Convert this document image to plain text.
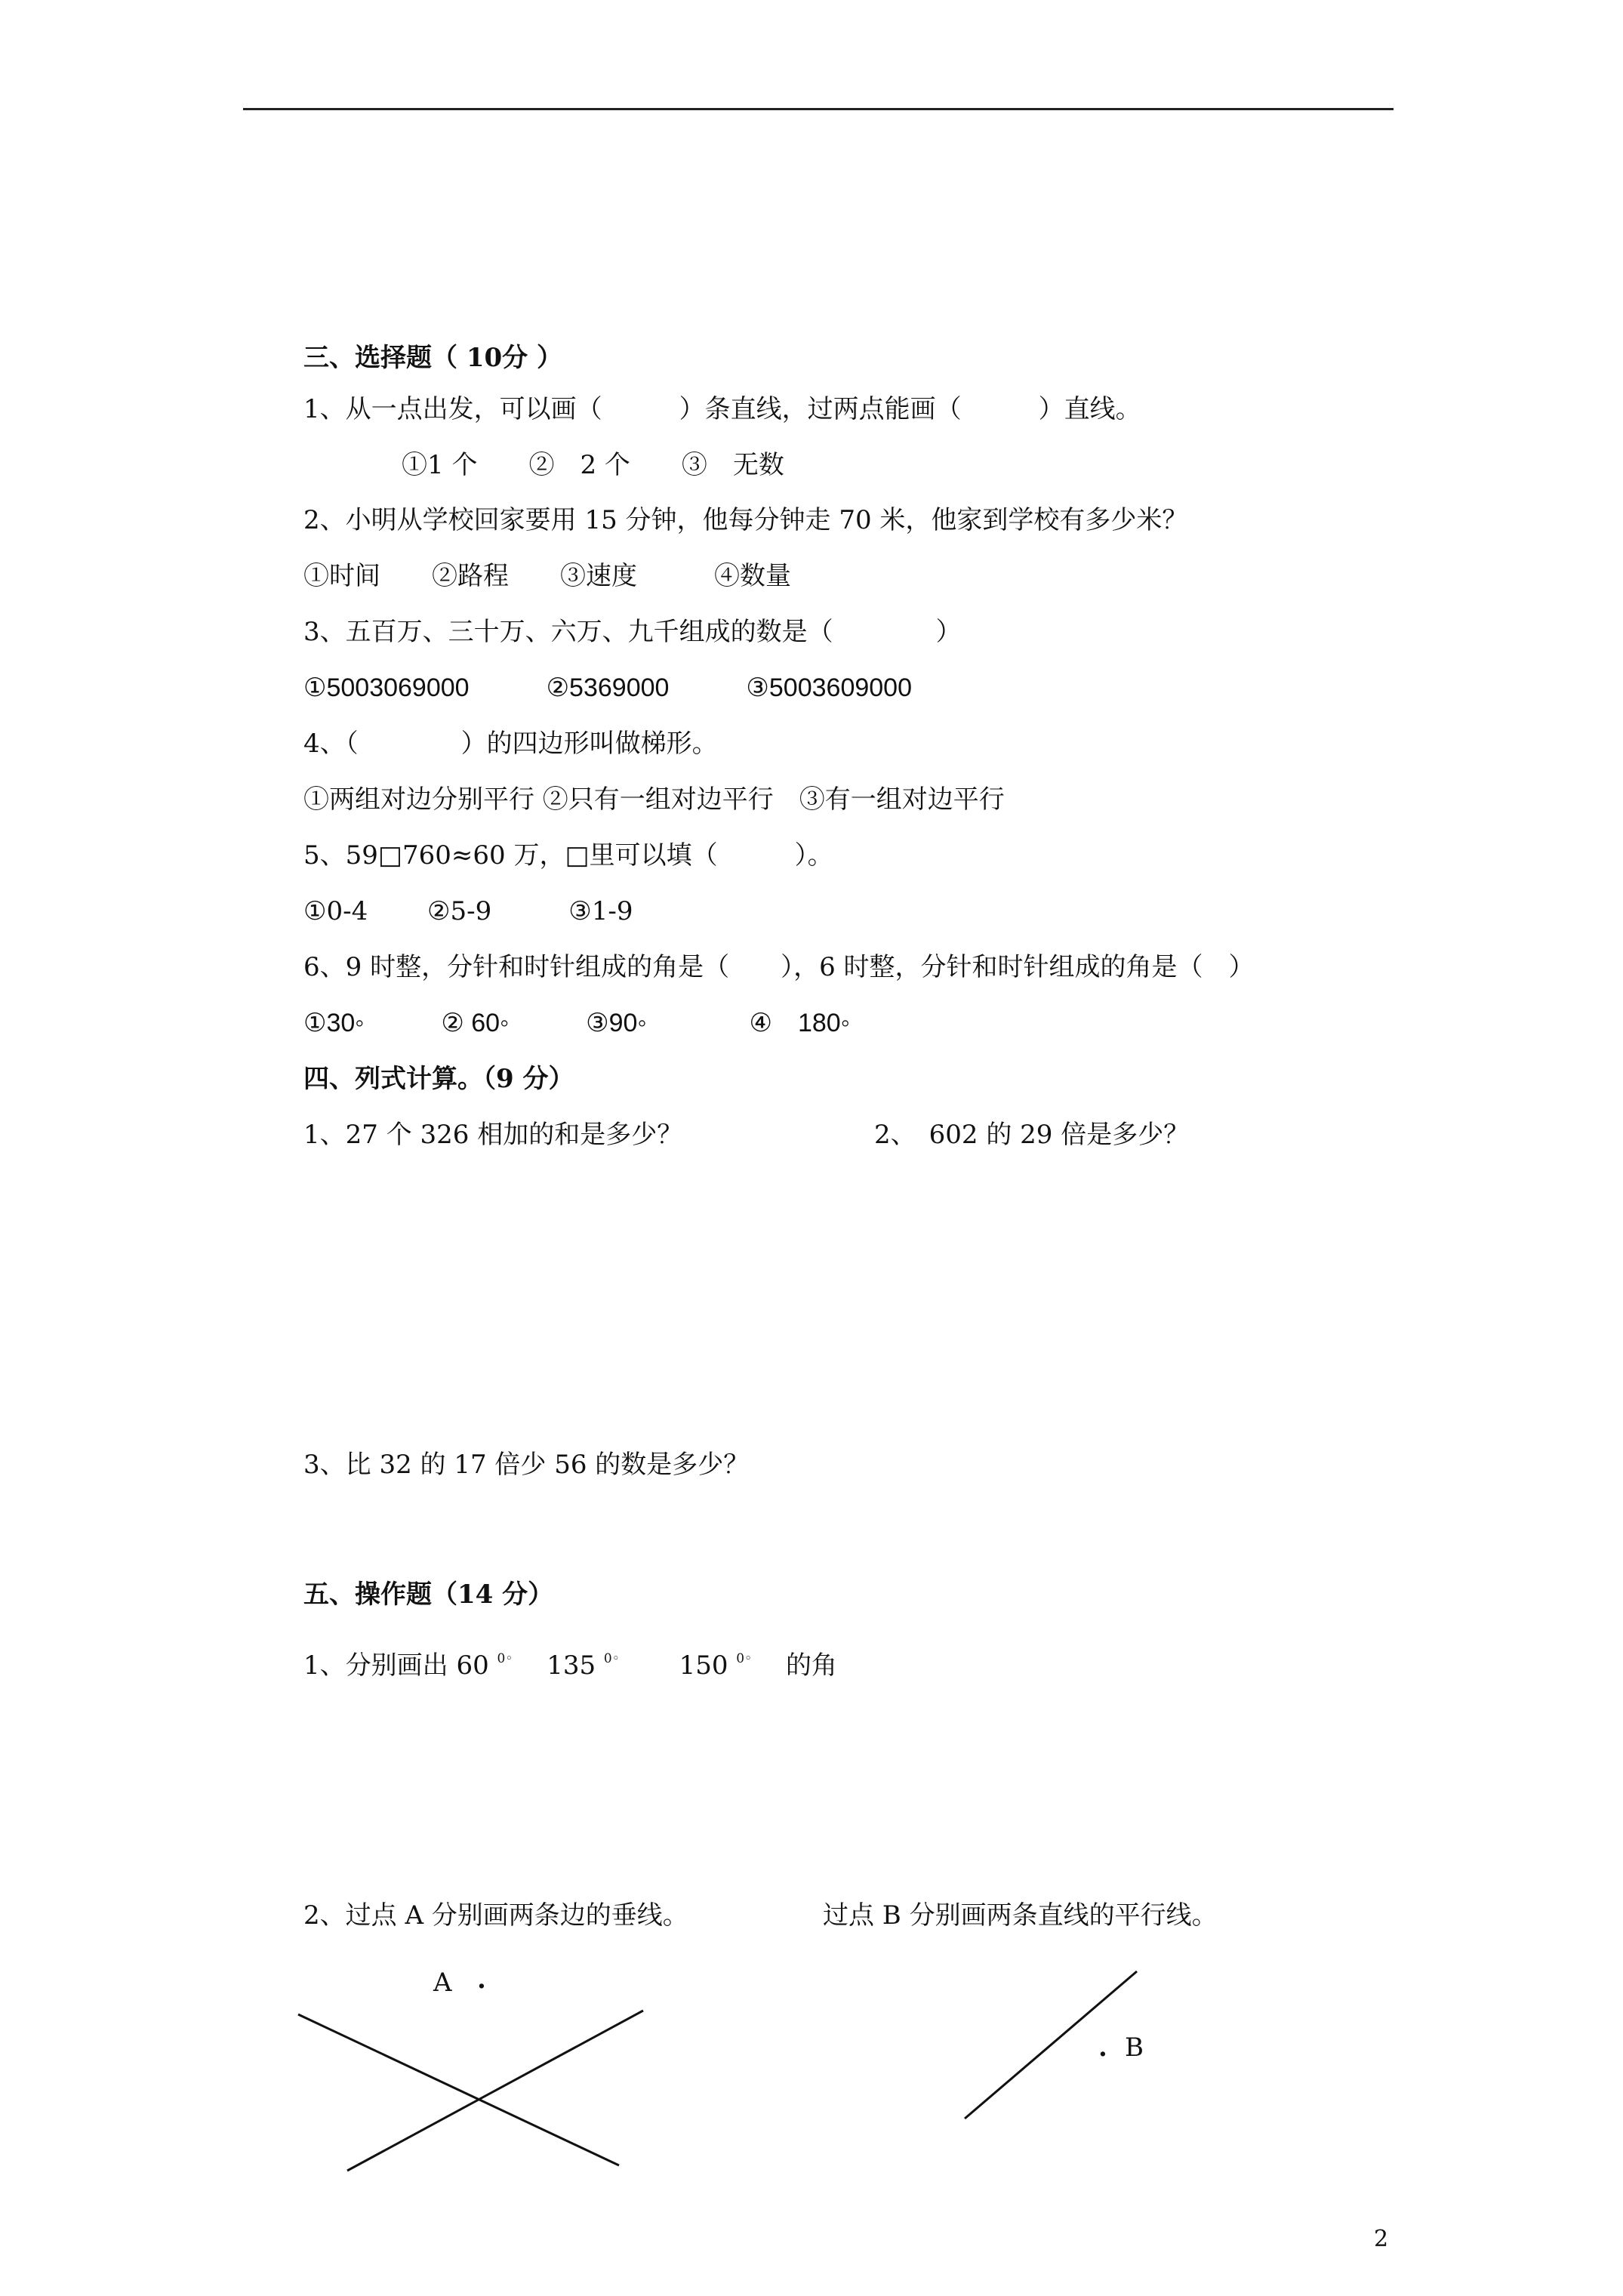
三、选择题（ 10分 ）
1、从一点出发，可以画（　　　）条直线，过两点能画（　　　）直线。
①1 个　　②　2 个　　③　无数
2、小明从学校回家要用 15 分钟，他每分钟走 70 米，他家到学校有多少米？
①时间　　②路程　　③速度　　　④数量
3、五百万、三十万、六万、九千组成的数是（　　　　）
①5003069000　　　②5369000　　　③5003609000
4、（　　　　）的四边形叫做梯形。
①两组对边分别平行 ②只有一组对边平行　③有一组对边平行
5、59□760≈60 万，□里可以填（　　　）。
①0-4　　 ②5-9　　　③1-9
6、9 时整，分针和时针组成的角是（　　），6 时整，分针和时针组成的角是（　）
①30◦　　　② 60◦　　　③90◦　　　　④　180◦
四、列式计算。（9 分）
1、27 个 326 相加的和是多少？	2、　602 的 29 倍是多少？
3、比 32 的 17 倍少 56 的数是多少？
五、操作题（14 分）
1、分别画出 60 $^{0◦}$　 135 $^{0◦}$　　 150 $^{0◦}$　 的角
2、过点 A 分别画两条边的垂线。	过点 B 分别画两条直线的平行线。
A .
. B
2
